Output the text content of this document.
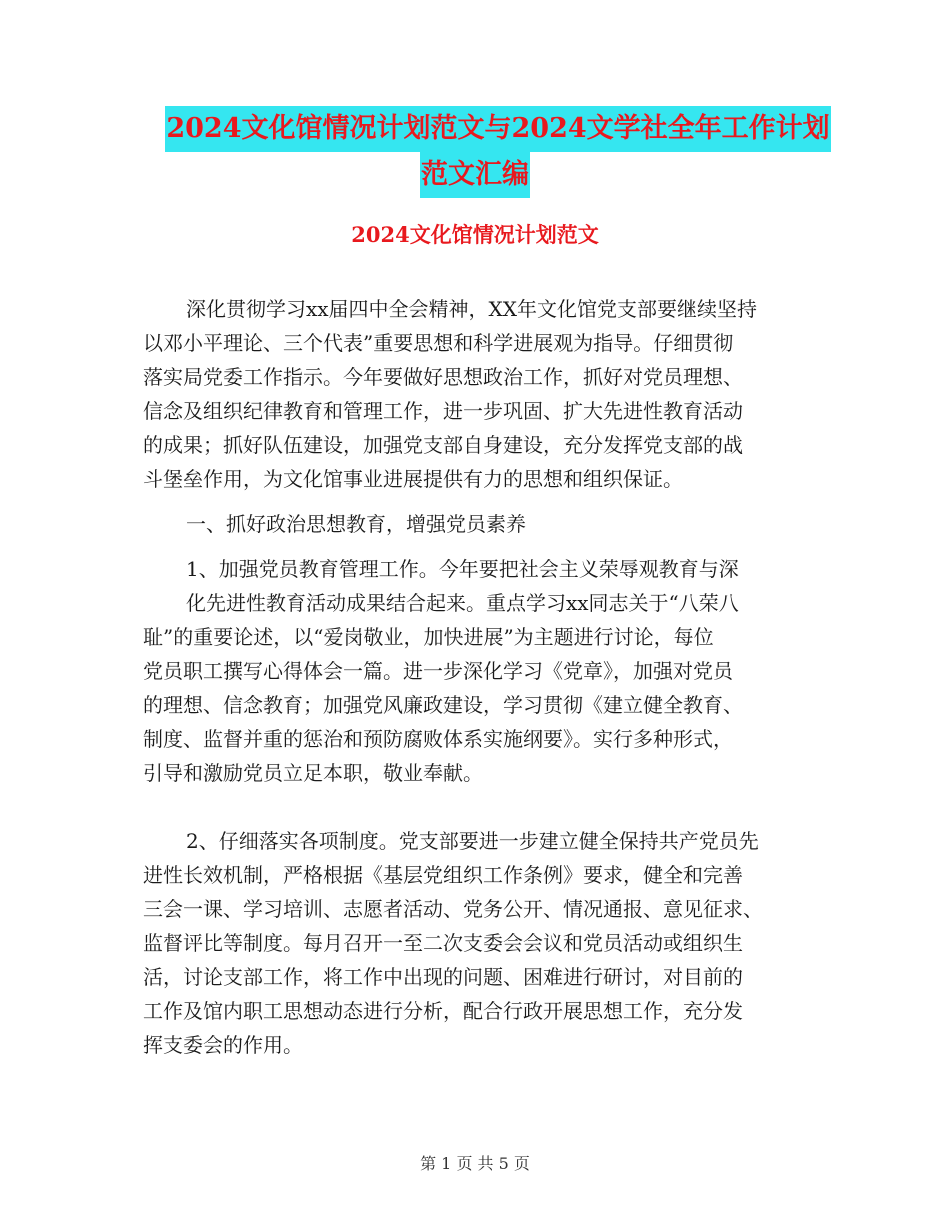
2024文化馆情况计划范文与2024文学社全年工作计划
范文汇编
2024文化馆情况计划范文
深化贯彻学习xx届四中全会精神，XX年文化馆党支部要继续坚持
以邓小平理论、三个代表”重要思想和科学进展观为指导。仔细贯彻
落实局党委工作指示。今年要做好思想政治工作，抓好对党员理想、
信念及组织纪律教育和管理工作，进一步巩固、扩大先进性教育活动
的成果；抓好队伍建设，加强党支部自身建设，充分发挥党支部的战
斗堡垒作用，为文化馆事业进展提供有力的思想和组织保证。
一、抓好政治思想教育，增强党员素养
1、加强党员教育管理工作。今年要把社会主义荣辱观教育与深
化先进性教育活动成果结合起来。重点学习xx同志关于“八荣八
耻”的重要论述，以“爱岗敬业，加快进展”为主题进行讨论，每位
党员职工撰写心得体会一篇。进一步深化学习《党章》，加强对党员
的理想、信念教育；加强党风廉政建设，学习贯彻《建立健全教育、
制度、监督并重的惩治和预防腐败体系实施纲要》。实行多种形式，
引导和激励党员立足本职，敬业奉献。
2、仔细落实各项制度。党支部要进一步建立健全保持共产党员先
进性长效机制，严格根据《基层党组织工作条例》要求，健全和完善
三会一课、学习培训、志愿者活动、党务公开、情况通报、意见征求、
监督评比等制度。每月召开一至二次支委会会议和党员活动或组织生
活，讨论支部工作，将工作中出现的问题、困难进行研讨，对目前的
工作及馆内职工思想动态进行分析，配合行政开展思想工作，充分发
挥支委会的作用。
第 1 页 共 5 页
